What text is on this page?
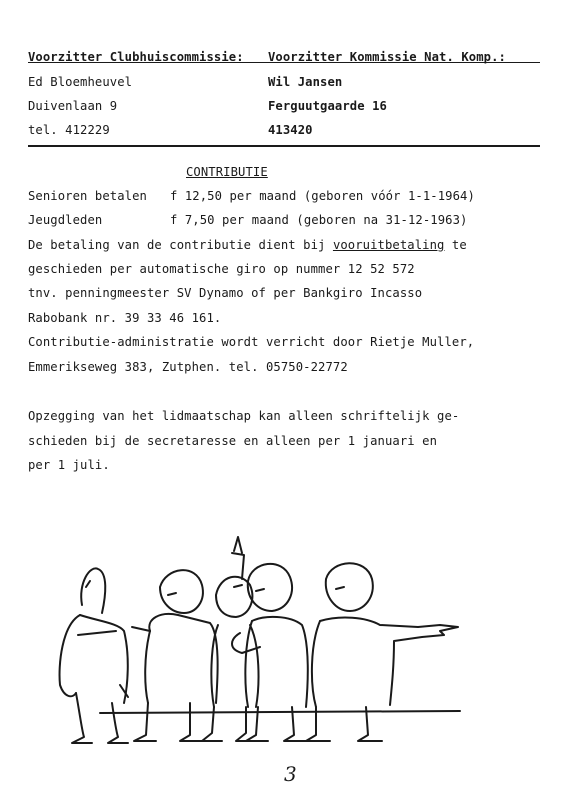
Voorzitter Clubhuiscommissie: Voorzitter Kommissie Nat. Komp.:
Ed Bloemheuvel	Wil Jansen
Duivenlaan 9	Ferguutgaarde 16
tel. 412229	413420
CONTRIBUTIE
Senioren betalen f 12,50 per maand (geboren vóór 1-1-1964)
Jeugdleden	f 7,50 per maand (geboren na 31-12-1963)
De betaling van de contributie dient bij vooruitbetaling te
geschieden per automatische giro op nummer 12 52 572
tnv. penningmeester SV Dynamo of per Bankgiro Incasso
Rabobank nr. 39 33 46 161.
Contributie-administratie wordt verricht door Rietje Muller,
Emmerikseweg 383, Zutphen. tel. 05750-22772
Opzegging van het lidmaatschap kan alleen schriftelijk ge-
schieden bij de secretaresse en alleen per 1 januari en
per 1 juli.
3
